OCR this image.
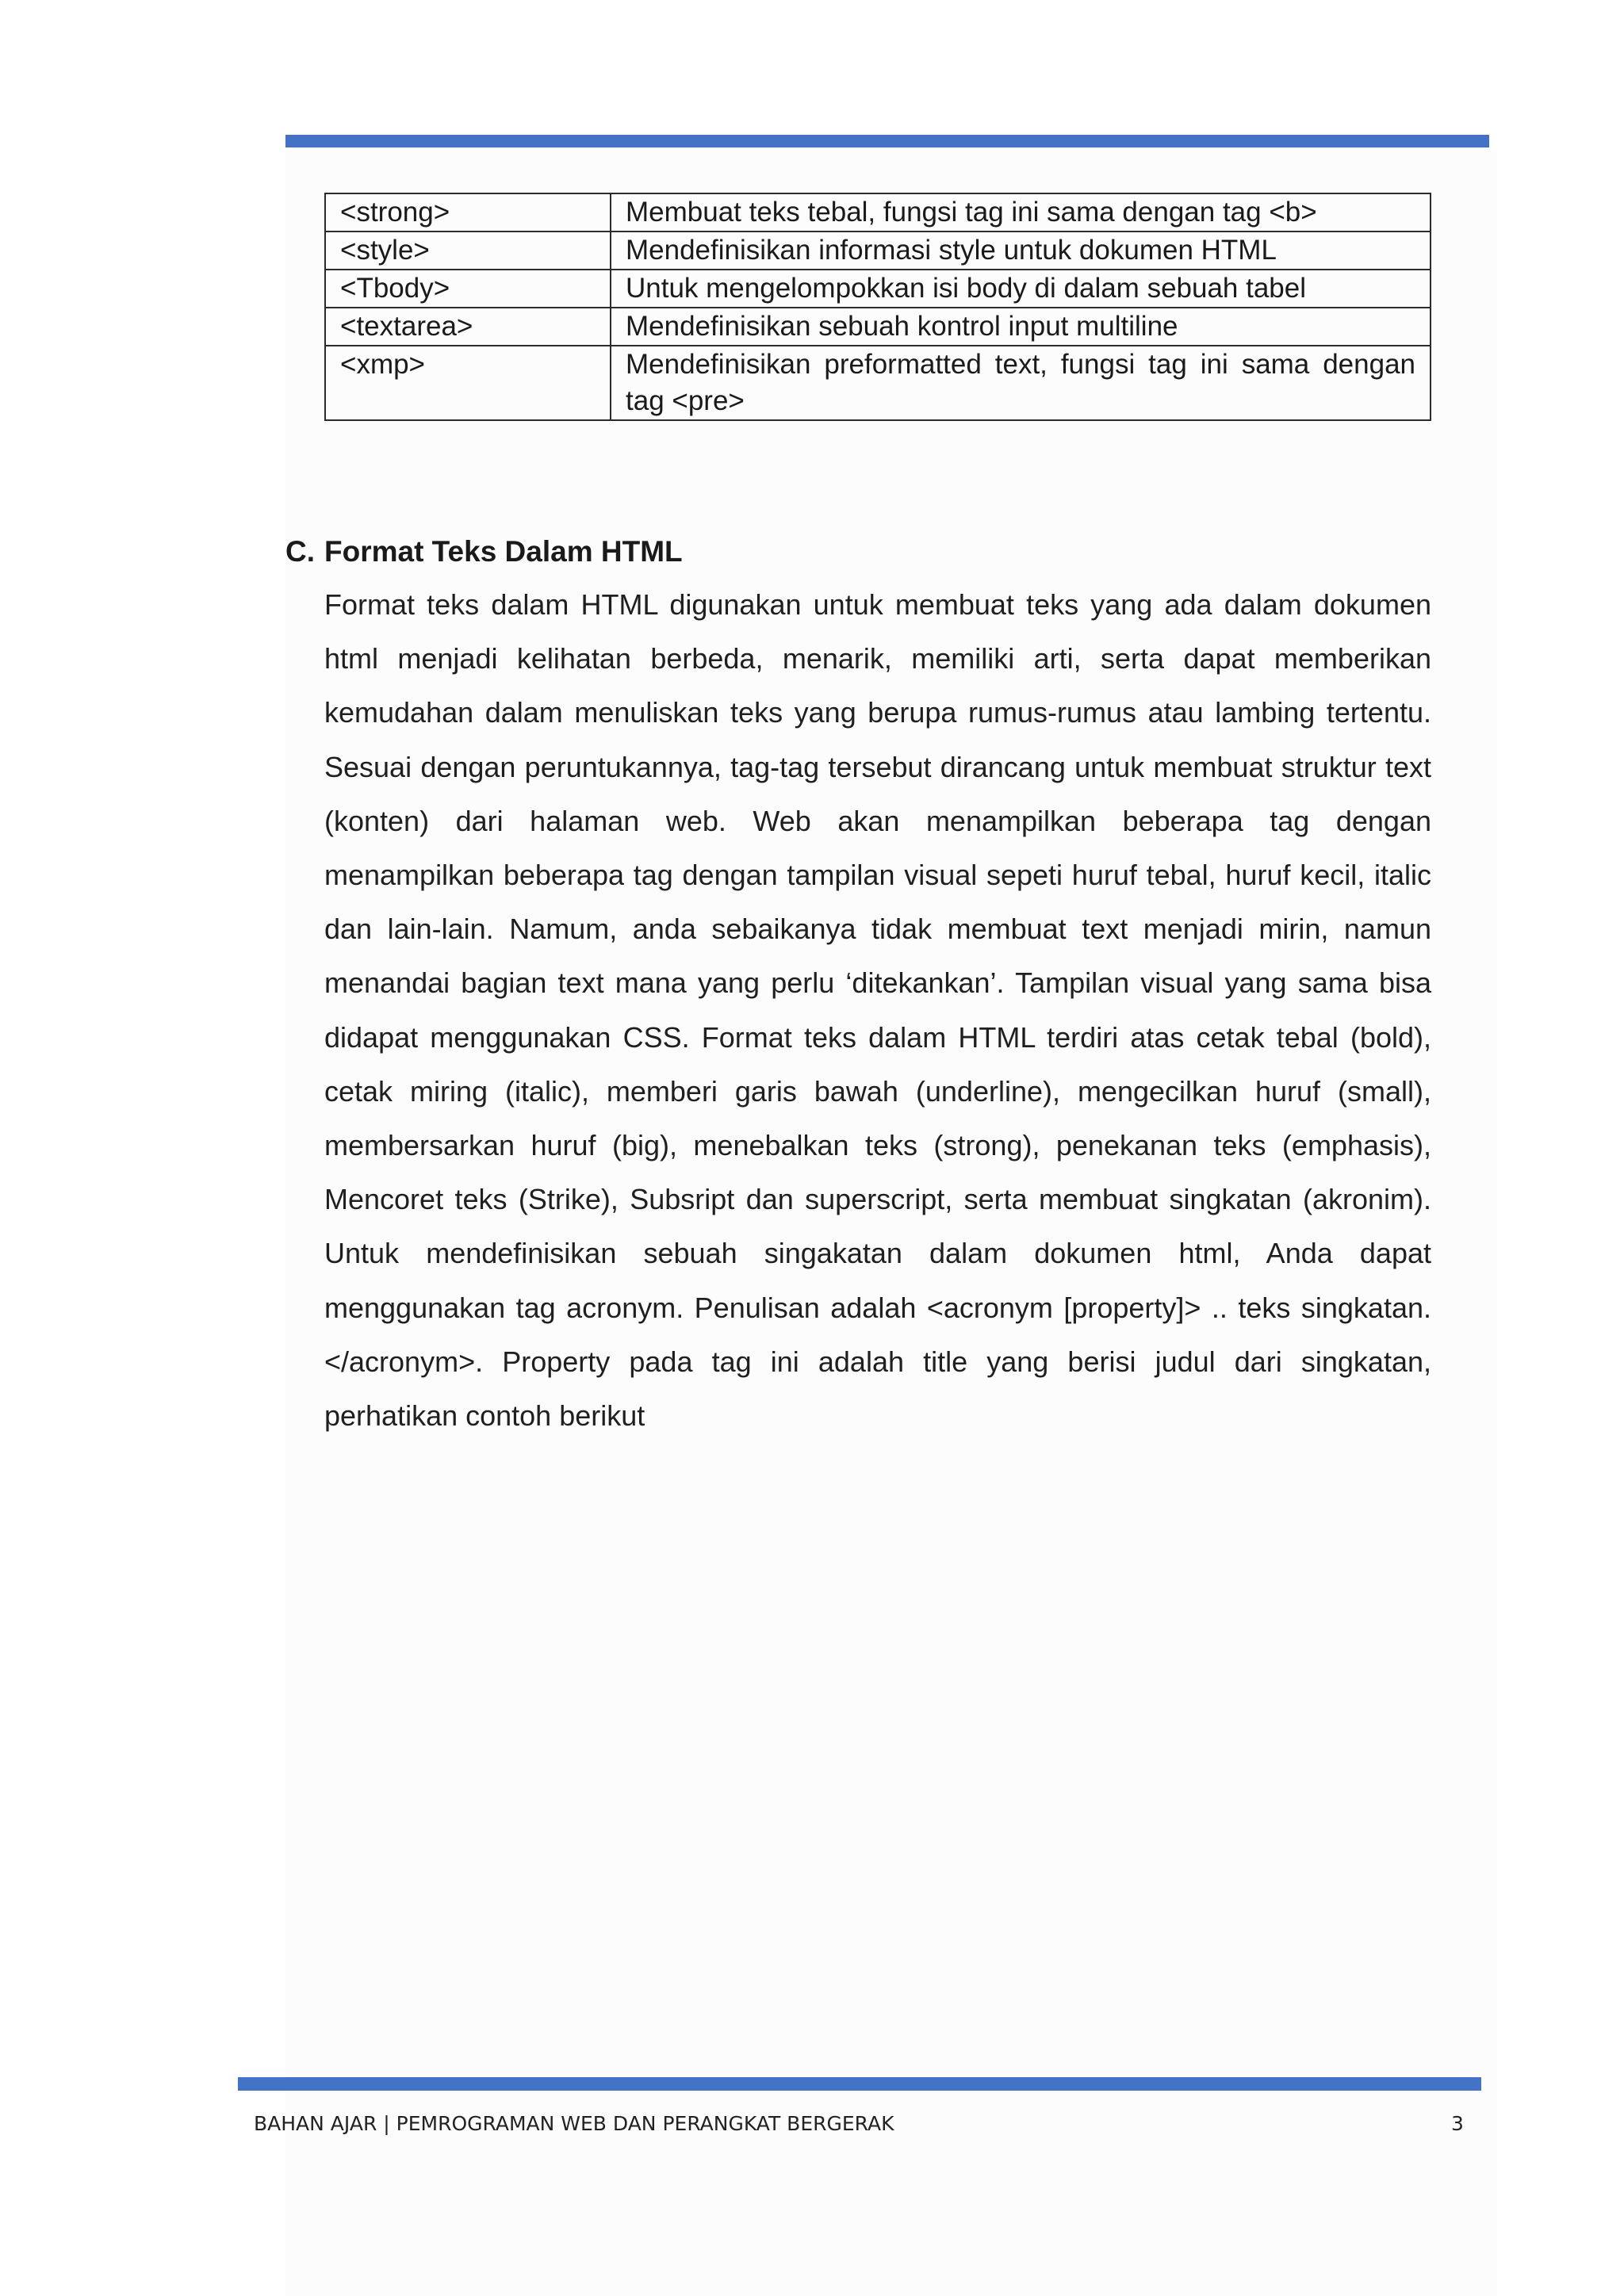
<strong>	Membuat teks tebal, fungsi tag ini sama dengan tag <b>
<style>	Mendefinisikan informasi style untuk dokumen HTML
<Tbody>	Untuk mengelompokkan isi body di dalam sebuah tabel
<textarea>	Mendefinisikan sebuah kontrol input multiline
<xmp>	Mendefinisikan preformatted text, fungsi tag ini sama dengan tag <pre>
C. Format Teks Dalam HTML

Format teks dalam HTML digunakan untuk membuat teks yang ada dalam dokumen html menjadi kelihatan berbeda, menarik, memiliki arti, serta dapat memberikan kemudahan dalam menuliskan teks yang berupa rumus-rumus atau lambing tertentu. Sesuai dengan peruntukannya, tag-tag tersebut dirancang untuk membuat struktur text (konten) dari halaman web. Web akan menampilkan beberapa tag dengan menampilkan beberapa tag dengan tampilan visual sepeti huruf tebal, huruf kecil, italic dan lain-lain. Namum, anda sebaikanya tidak membuat text menjadi mirin, namun menandai bagian text mana yang perlu ‘ditekankan’. Tampilan visual yang sama bisa didapat menggunakan CSS. Format teks dalam HTML terdiri atas cetak tebal (bold), cetak miring (italic), memberi garis bawah (underline), mengecilkan huruf (small), membersarkan huruf (big), menebalkan teks (strong), penekanan teks (emphasis), Mencoret teks (Strike), Subsript dan superscript, serta membuat singkatan (akronim). Untuk mendefinisikan sebuah singakatan dalam dokumen html, Anda dapat menggunakan tag acronym. Penulisan adalah <acronym [property]> .. teks singkatan. </acronym>. Property pada tag ini adalah title yang berisi judul dari singkatan, perhatikan contoh berikut

BAHAN AJAR | PEMROGRAMAN WEB DAN PERANGKAT BERGERAK	3
